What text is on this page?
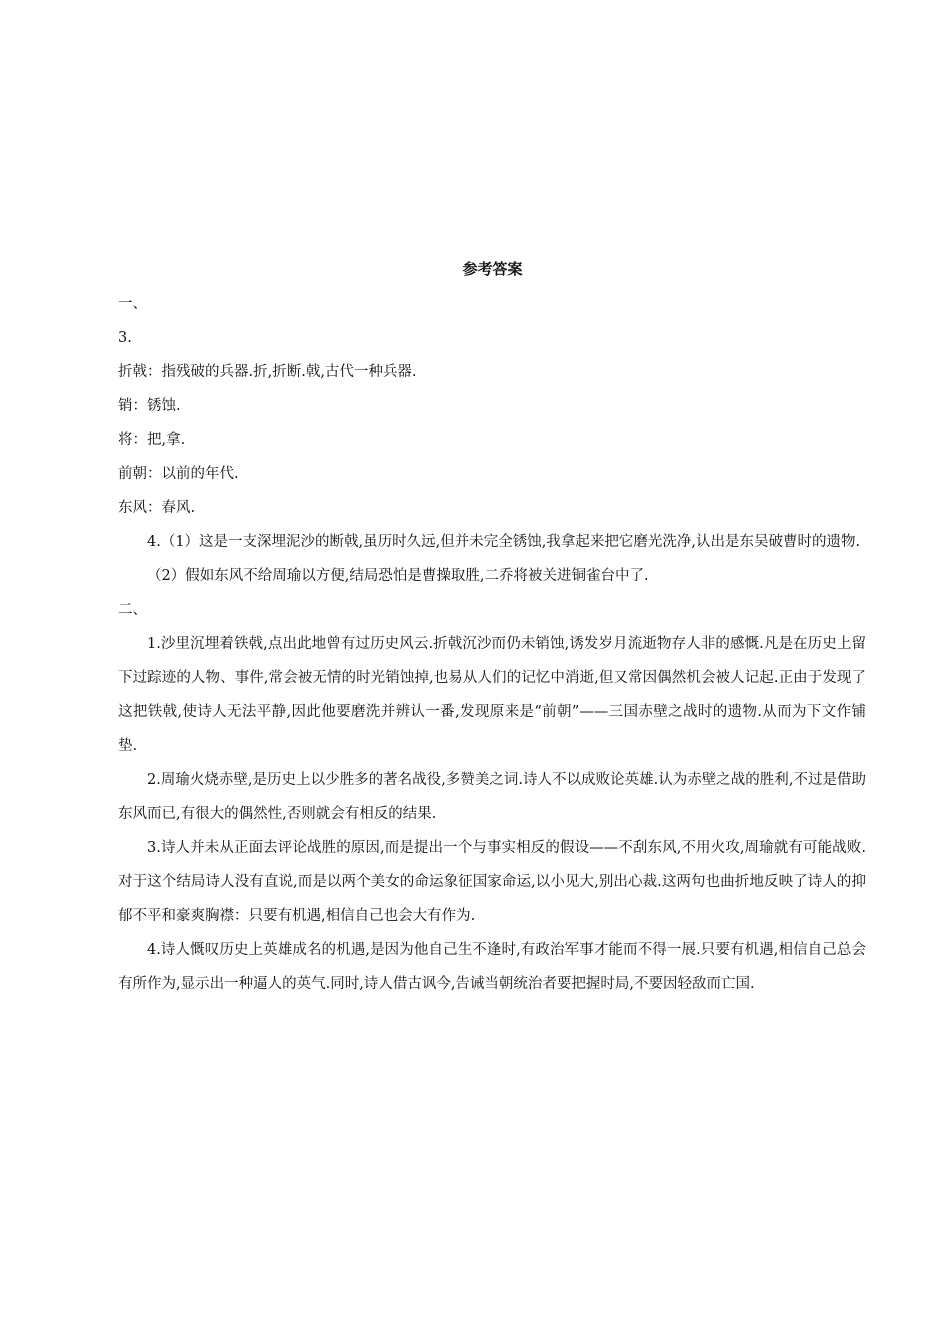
参考答案

一、

3.

折戟：指残破的兵器.折,折断.戟,古代一种兵器.

销：锈蚀.

将：把,拿.

前朝：以前的年代.

东风：春风.

4.（1）这是一支深埋泥沙的断戟,虽历时久远,但并未完全锈蚀,我拿起来把它磨光洗净,认出是东吴破曹时的遗物.

（2）假如东风不给周瑜以方便,结局恐怕是曹操取胜,二乔将被关进铜雀台中了.

二、

1.沙里沉埋着铁戟,点出此地曾有过历史风云.折戟沉沙而仍未销蚀,诱发岁月流逝物存人非的感慨.凡是在历史上留下过踪迹的人物、事件,常会被无情的时光销蚀掉,也易从人们的记忆中消逝,但又常因偶然机会被人记起.正由于发现了这把铁戟,使诗人无法平静,因此他要磨洗并辨认一番,发现原来是“前朝”——三国赤壁之战时的遗物.从而为下文作铺垫.

2.周瑜火烧赤壁,是历史上以少胜多的著名战役,多赞美之词.诗人不以成败论英雄.认为赤壁之战的胜利,不过是借助东风而已,有很大的偶然性,否则就会有相反的结果.

3.诗人并未从正面去评论战胜的原因,而是提出一个与事实相反的假设——不刮东风,不用火攻,周瑜就有可能战败.对于这个结局诗人没有直说,而是以两个美女的命运象征国家命运,以小见大,别出心裁.这两句也曲折地反映了诗人的抑郁不平和豪爽胸襟：只要有机遇,相信自己也会大有作为.

4.诗人慨叹历史上英雄成名的机遇,是因为他自己生不逢时,有政治军事才能而不得一展.只要有机遇,相信自己总会有所作为,显示出一种逼人的英气.同时,诗人借古讽今,告诫当朝统治者要把握时局,不要因轻敌而亡国.
